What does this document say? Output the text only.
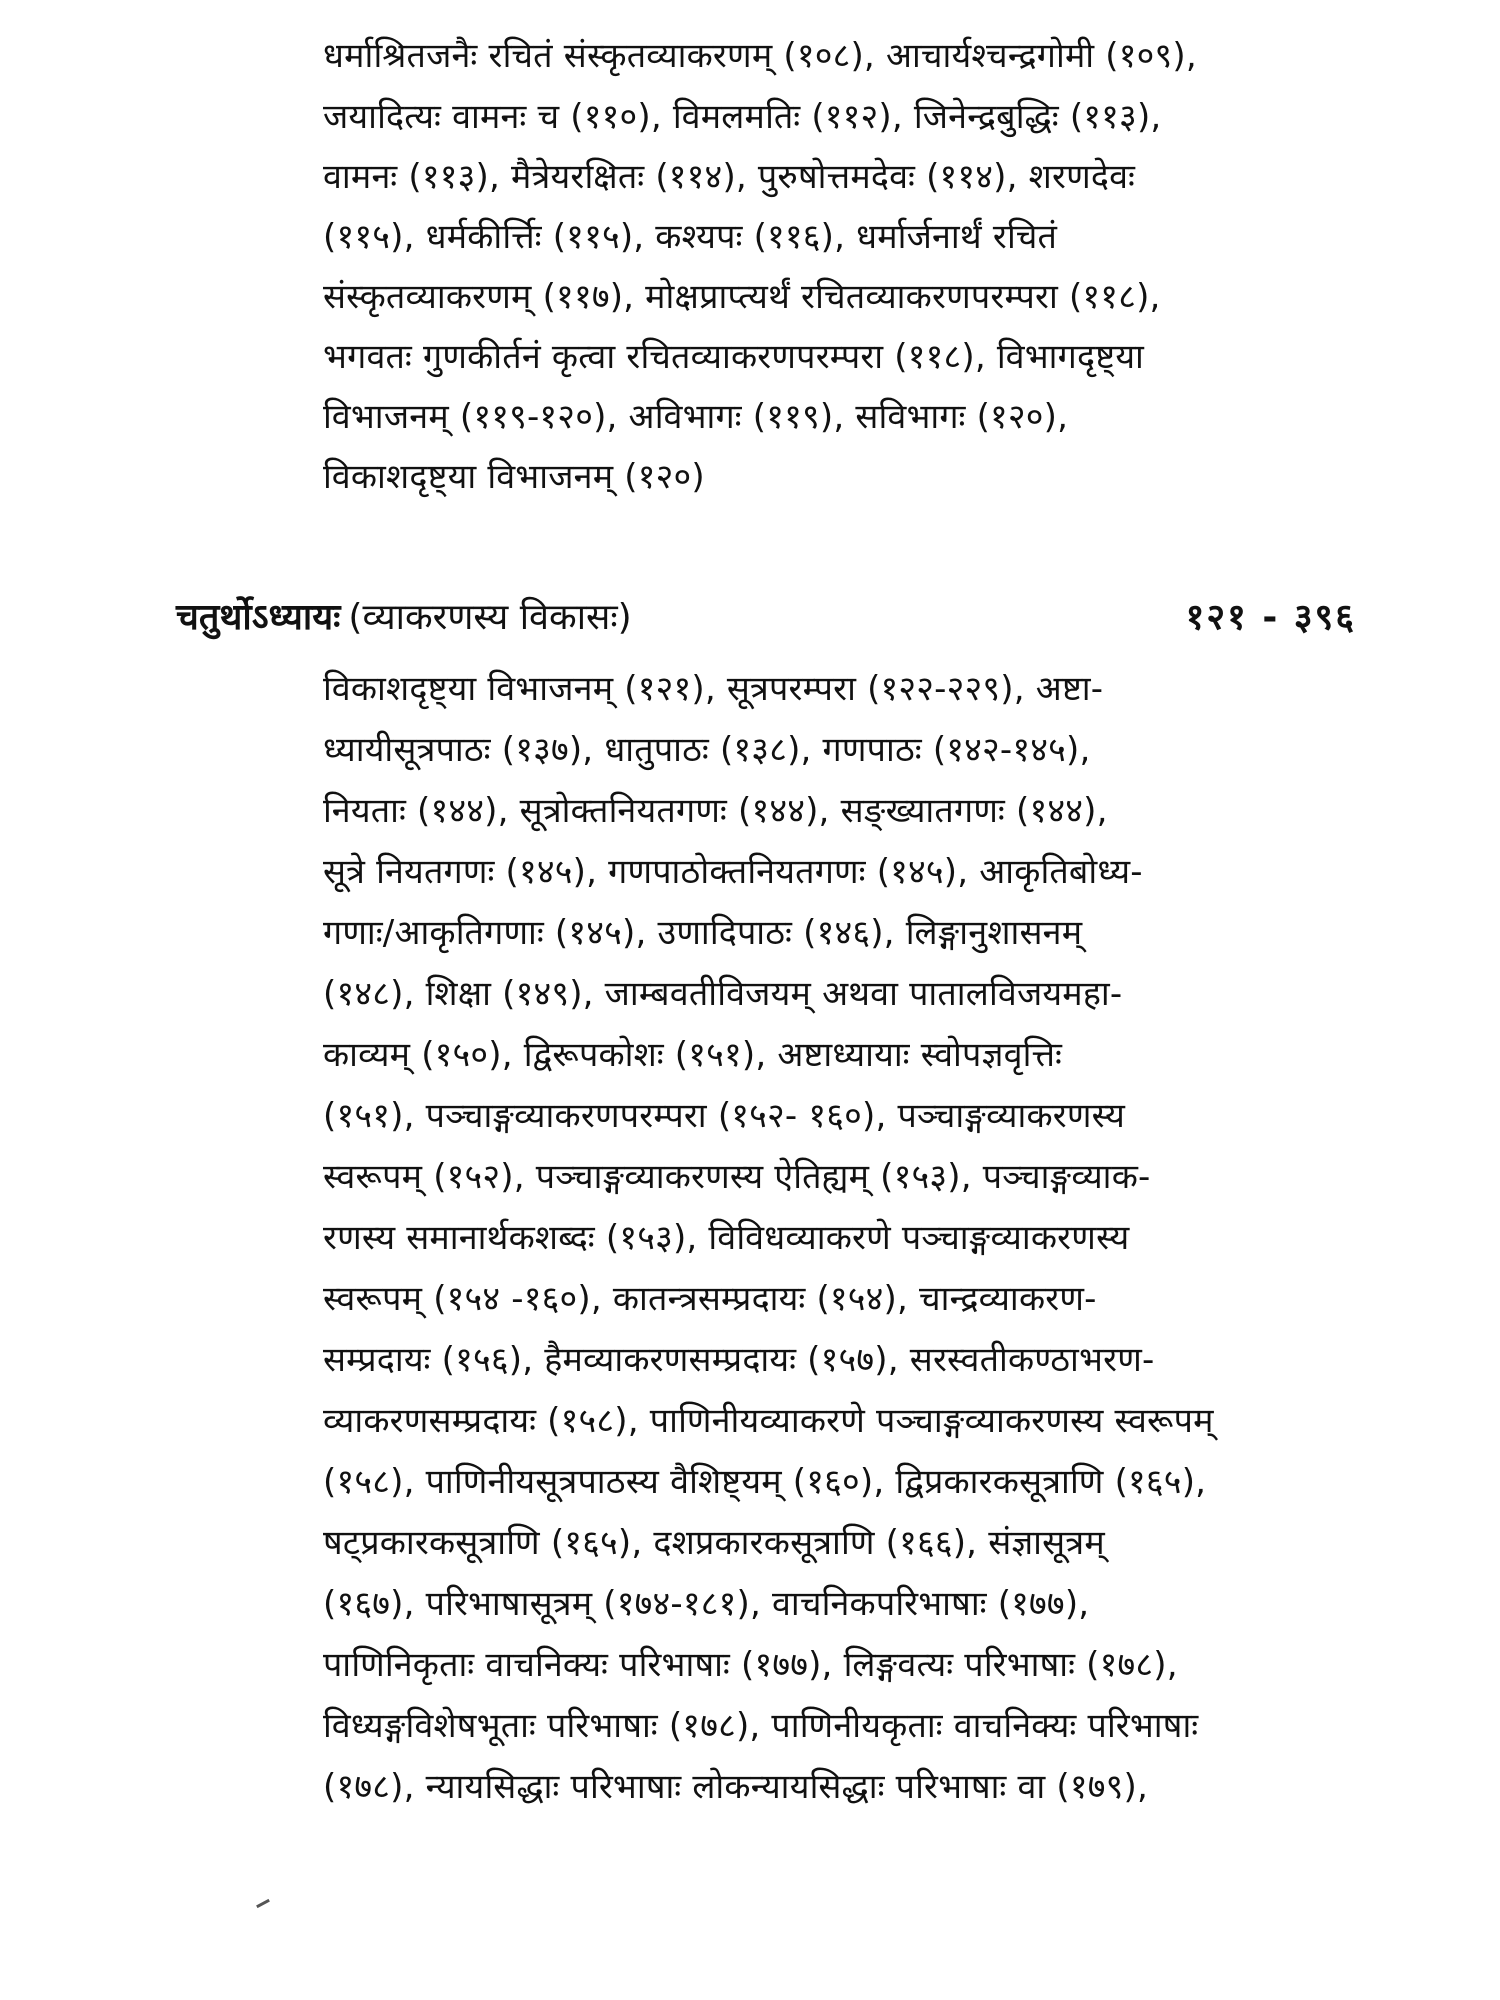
धर्माश्रितजनैः रचितं संस्कृतव्याकरणम् (१०८), आचार्यश्चन्द्रगोमी (१०९),
जयादित्यः वामनः च (११०), विमलमतिः (११२), जिनेन्द्रबुद्धिः (११३),
वामनः (११३), मैत्रेयरक्षितः (११४), पुरुषोत्तमदेवः (११४), शरणदेवः
(११५), धर्मकीर्त्तिः (११५), कश्यपः (११६), धर्मार्जनार्थं रचितं
संस्कृतव्याकरणम् (११७), मोक्षप्राप्त्यर्थं रचितव्याकरणपरम्परा (११८),
भगवतः गुणकीर्तनं कृत्वा रचितव्याकरणपरम्परा (११८), विभागदृष्ट्या
विभाजनम् (११९-१२०), अविभागः (११९), सविभागः (१२०),
विकाशदृष्ट्या विभाजनम् (१२०)
चतुर्थोऽध्यायः (व्याकरणस्य विकासः)	१२१ - ३९६
विकाशदृष्ट्या विभाजनम् (१२१), सूत्रपरम्परा (१२२-२२९), अष्टा-
ध्यायीसूत्रपाठः (१३७), धातुपाठः (१३८), गणपाठः (१४२-१४५),
नियताः (१४४), सूत्रोक्तनियतगणः (१४४), सङ्ख्यातगणः (१४४),
सूत्रे नियतगणः (१४५), गणपाठोक्तनियतगणः (१४५), आकृतिबोध्य-
गणाः/आकृतिगणाः (१४५), उणादिपाठः (१४६), लिङ्गानुशासनम्
(१४८), शिक्षा (१४९), जाम्बवतीविजयम् अथवा पातालविजयमहा-
काव्यम् (१५०), द्विरूपकोशः (१५१), अष्टाध्यायाः स्वोपज्ञवृत्तिः
(१५१), पञ्चाङ्गव्याकरणपरम्परा (१५२- १६०), पञ्चाङ्गव्याकरणस्य
स्वरूपम् (१५२), पञ्चाङ्गव्याकरणस्य ऐतिह्यम् (१५३), पञ्चाङ्गव्याक-
रणस्य समानार्थकशब्दः (१५३), विविधव्याकरणे पञ्चाङ्गव्याकरणस्य
स्वरूपम् (१५४ -१६०), कातन्त्रसम्प्रदायः (१५४), चान्द्रव्याकरण-
सम्प्रदायः (१५६), हैमव्याकरणसम्प्रदायः (१५७), सरस्वतीकण्ठाभरण-
व्याकरणसम्प्रदायः (१५८), पाणिनीयव्याकरणे पञ्चाङ्गव्याकरणस्य स्वरूपम्
(१५८), पाणिनीयसूत्रपाठस्य वैशिष्ट्यम् (१६०), द्विप्रकारकसूत्राणि (१६५),
षट्प्रकारकसूत्राणि (१६५), दशप्रकारकसूत्राणि (१६६), संज्ञासूत्रम्
(१६७), परिभाषासूत्रम् (१७४-१८१), वाचनिकपरिभाषाः (१७७),
पाणिनिकृताः वाचनिक्यः परिभाषाः (१७७), लिङ्गवत्यः परिभाषाः (१७८),
विध्यङ्गविशेषभूताः परिभाषाः (१७८), पाणिनीयकृताः वाचनिक्यः परिभाषाः
(१७८), न्यायसिद्धाः परिभाषाः लोकन्यायसिद्धाः परिभाषाः वा (१७९),
